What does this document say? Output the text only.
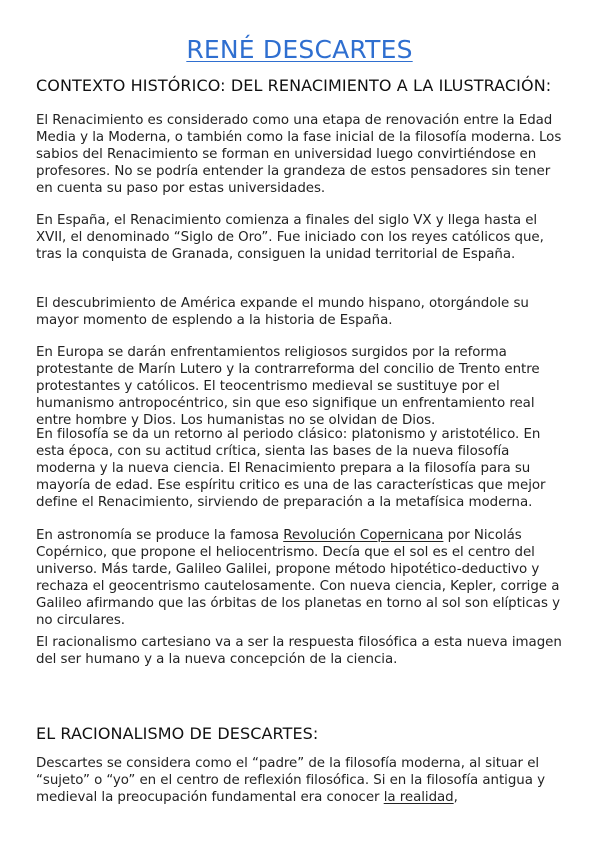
RENÉ DESCARTES
CONTEXTO HISTÓRICO: DEL RENACIMIENTO A LA ILUSTRACIÓN:

El Renacimiento es considerado como una etapa de renovación entre la Edad Media y la Moderna, o también como la fase inicial de la filosofía moderna. Los sabios del Renacimiento se forman en universidad luego convirtiéndose en profesores. No se podría entender la grandeza de estos pensadores sin tener en cuenta su paso por estas universidades.

En España, el Renacimiento comienza a finales del siglo VX y llega hasta el XVII, el denominado “Siglo de Oro”. Fue iniciado con los reyes católicos que, tras la conquista de Granada, consiguen la unidad territorial de España.

El descubrimiento de América expande el mundo hispano, otorgándole su mayor momento de esplendo a la historia de España.

En Europa se darán enfrentamientos religiosos surgidos por la reforma protestante de Marín Lutero y la contrarreforma del concilio de Trento entre protestantes y católicos. El teocentrismo medieval se sustituye por el humanismo antropocéntrico, sin que eso signifique un enfrentamiento real entre hombre y Dios. Los humanistas no se olvidan de Dios.

En filosofía se da un retorno al periodo clásico: platonismo y aristotélico. En esta época, con su actitud crítica, sienta las bases de la nueva filosofía moderna y la nueva ciencia. El Renacimiento prepara a la filosofía para su mayoría de edad. Ese espíritu critico es una de las características que mejor define el Renacimiento, sirviendo de preparación a la metafísica moderna.

En astronomía se produce la famosa Revolución Copernicana por Nicolás Copérnico, que propone el heliocentrismo. Decía que el sol es el centro del universo. Más tarde, Galileo Galilei, propone método hipotético-deductivo y rechaza el geocentrismo cautelosamente. Con nueva ciencia, Kepler, corrige a Galileo afirmando que las órbitas de los planetas en torno al sol son elípticas y no circulares.

El racionalismo cartesiano va a ser la respuesta filosófica a esta nueva imagen del ser humano y a la nueva concepción de la ciencia.

EL RACIONALISMO DE DESCARTES:

Descartes se considera como el “padre” de la filosofía moderna, al situar el “sujeto” o “yo” en el centro de reflexión filosófica. Si en la filosofía antigua y medieval la preocupación fundamental era conocer la realidad,
